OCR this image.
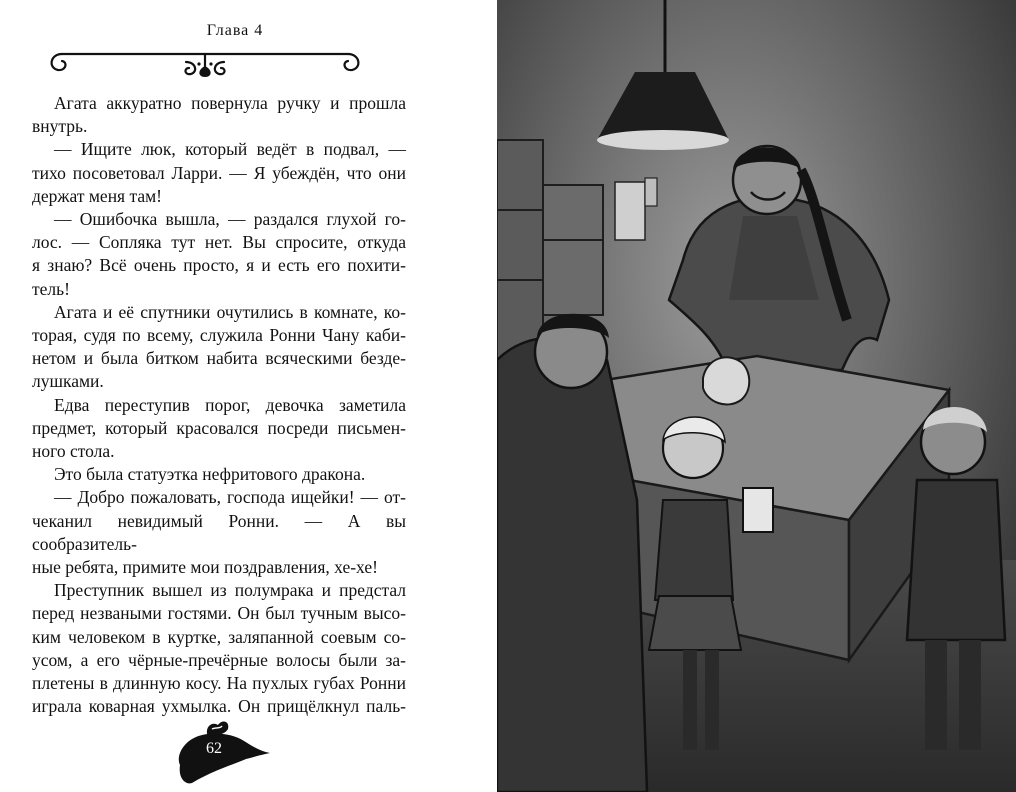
Глава 4

Агата аккуратно повернула ручку и прошла

внутрь.

— Ищите люк, который ведёт в подвал, —

тихо посоветовал Ларри. — Я убеждён, что они

держат меня там!

— Ошибочка вышла, — раздался глухой го-

лос. — Сопляка тут нет. Вы спросите, откуда

я знаю? Всё очень просто, я и есть его похити-

тель!

Агата и её спутники очутились в комнате, ко-

торая, судя по всему, служила Ронни Чану каби-

нетом и была битком набита всяческими безде-

лушками.

Едва переступив порог, девочка заметила

предмет, который красовался посреди письмен-

ного стола.

Это была статуэтка нефритового дракона.

— Добро пожаловать, господа ищейки! — от-

чеканил невидимый Ронни. — А вы сообразитель-

ные ребята, примите мои поздравления, хе-хе!

Преступник вышел из полумрака и предстал

перед незваными гостями. Он был тучным высо-

ким человеком в куртке, заляпанной соевым со-

усом, а его чёрные-пречёрные волосы были за-

плетены в длинную косу. На пухлых губах Ронни

играла коварная ухмылка. Он прищёлкнул паль-

62
